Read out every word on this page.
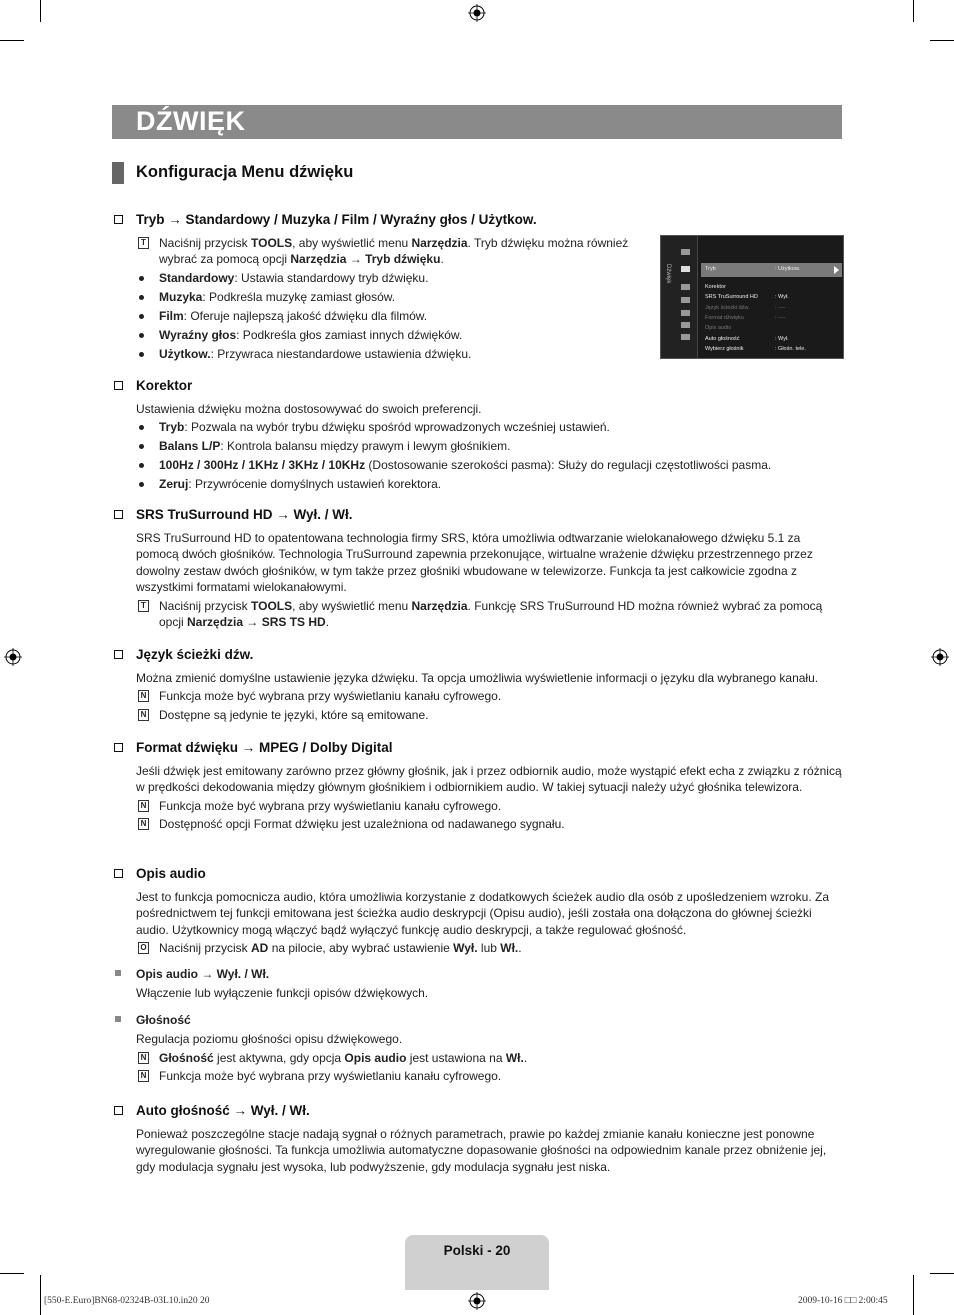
DŹWIĘK
Konfiguracja Menu dźwięku
Dźwięk	Tryb	: Użytkow.
Korektor
SRS TruSurround HD	: Wył.
Język ścieżki dźw.	: ----
Format dźwięku	: ----
Opis audio
Auto głośność	: Wył.
Wybierz głośnik	: Głośn. tele.
Tryb → Standardowy / Muzyka / Film / Wyraźny głos / Użytkow.
T Naciśnij przycisk TOOLS, aby wyświetlić menu Narzędzia. Tryb dźwięku można również wybrać za pomocą opcji Narzędzia → Tryb dźwięku.
Standardowy: Ustawia standardowy tryb dźwięku.
Muzyka: Podkreśla muzykę zamiast głosów.
Film: Oferuje najlepszą jakość dźwięku dla filmów.
Wyraźny głos: Podkreśla głos zamiast innych dźwięków.
Użytkow.: Przywraca niestandardowe ustawienia dźwięku.
Korektor
Ustawienia dźwięku można dostosowywać do swoich preferencji.
Tryb: Pozwala na wybór trybu dźwięku spośród wprowadzonych wcześniej ustawień.
Balans L/P: Kontrola balansu między prawym i lewym głośnikiem.
100Hz / 300Hz / 1KHz / 3KHz / 10KHz (Dostosowanie szerokości pasma): Służy do regulacji częstotliwości pasma.
Zeruj: Przywrócenie domyślnych ustawień korektora.
SRS TruSurround HD → Wył. / Wł.
SRS TruSurround HD to opatentowana technologia firmy SRS, która umożliwia odtwarzanie wielokanałowego dźwięku 5.1 za pomocą dwóch głośników. Technologia TruSurround zapewnia przekonujące, wirtualne wrażenie dźwięku przestrzennego przez dowolny zestaw dwóch głośników, w tym także przez głośniki wbudowane w telewizorze. Funkcja ta jest całkowicie zgodna z wszystkimi formatami wielokanałowymi.
T Naciśnij przycisk TOOLS, aby wyświetlić menu Narzędzia. Funkcję SRS TruSurround HD można również wybrać za pomocą opcji Narzędzia → SRS TS HD.
Język ścieżki dźw.
Można zmienić domyślne ustawienie języka dźwięku. Ta opcja umożliwia wyświetlenie informacji o języku dla wybranego kanału.
N Funkcja może być wybrana przy wyświetlaniu kanału cyfrowego.
N Dostępne są jedynie te języki, które są emitowane.
Format dźwięku → MPEG / Dolby Digital
Jeśli dźwięk jest emitowany zarówno przez główny głośnik, jak i przez odbiornik audio, może wystąpić efekt echa z związku z różnicą w prędkości dekodowania między głównym głośnikiem i odbiornikiem audio. W takiej sytuacji należy użyć głośnika telewizora.
N Funkcja może być wybrana przy wyświetlaniu kanału cyfrowego.
N Dostępność opcji Format dźwięku jest uzależniona od nadawanego sygnału.
Opis audio
Jest to funkcja pomocnicza audio, która umożliwia korzystanie z dodatkowych ścieżek audio dla osób z upośledzeniem wzroku. Za pośrednictwem tej funkcji emitowana jest ścieżka audio deskrypcji (Opisu audio), jeśli została ona dołączona do głównej ścieżki audio. Użytkownicy mogą włączyć bądź wyłączyć funkcję audio deskrypcji, a także regulować głośność.
O Naciśnij przycisk AD na pilocie, aby wybrać ustawienie Wył. lub Wł..
Opis audio → Wył. / Wł.
Włączenie lub wyłączenie funkcji opisów dźwiękowych.
Głośność
Regulacja poziomu głośności opisu dźwiękowego.
N Głośność jest aktywna, gdy opcja Opis audio jest ustawiona na Wł..
N Funkcja może być wybrana przy wyświetlaniu kanału cyfrowego.
Auto głośność → Wył. / Wł.
Ponieważ poszczególne stacje nadają sygnał o różnych parametrach, prawie po każdej zmianie kanału konieczne jest ponowne wyregulowanie głośności. Ta funkcja umożliwia automatyczne dopasowanie głośności na odpowiednim kanale przez obniżenie jej, gdy modulacja sygnału jest wysoka, lub podwyższenie, gdy modulacja sygnału jest niska.
Polski - 20
[550-E.Euro]BN68-02324B-03L10.in20 20	2009-10-16 □□ 2:00:45
